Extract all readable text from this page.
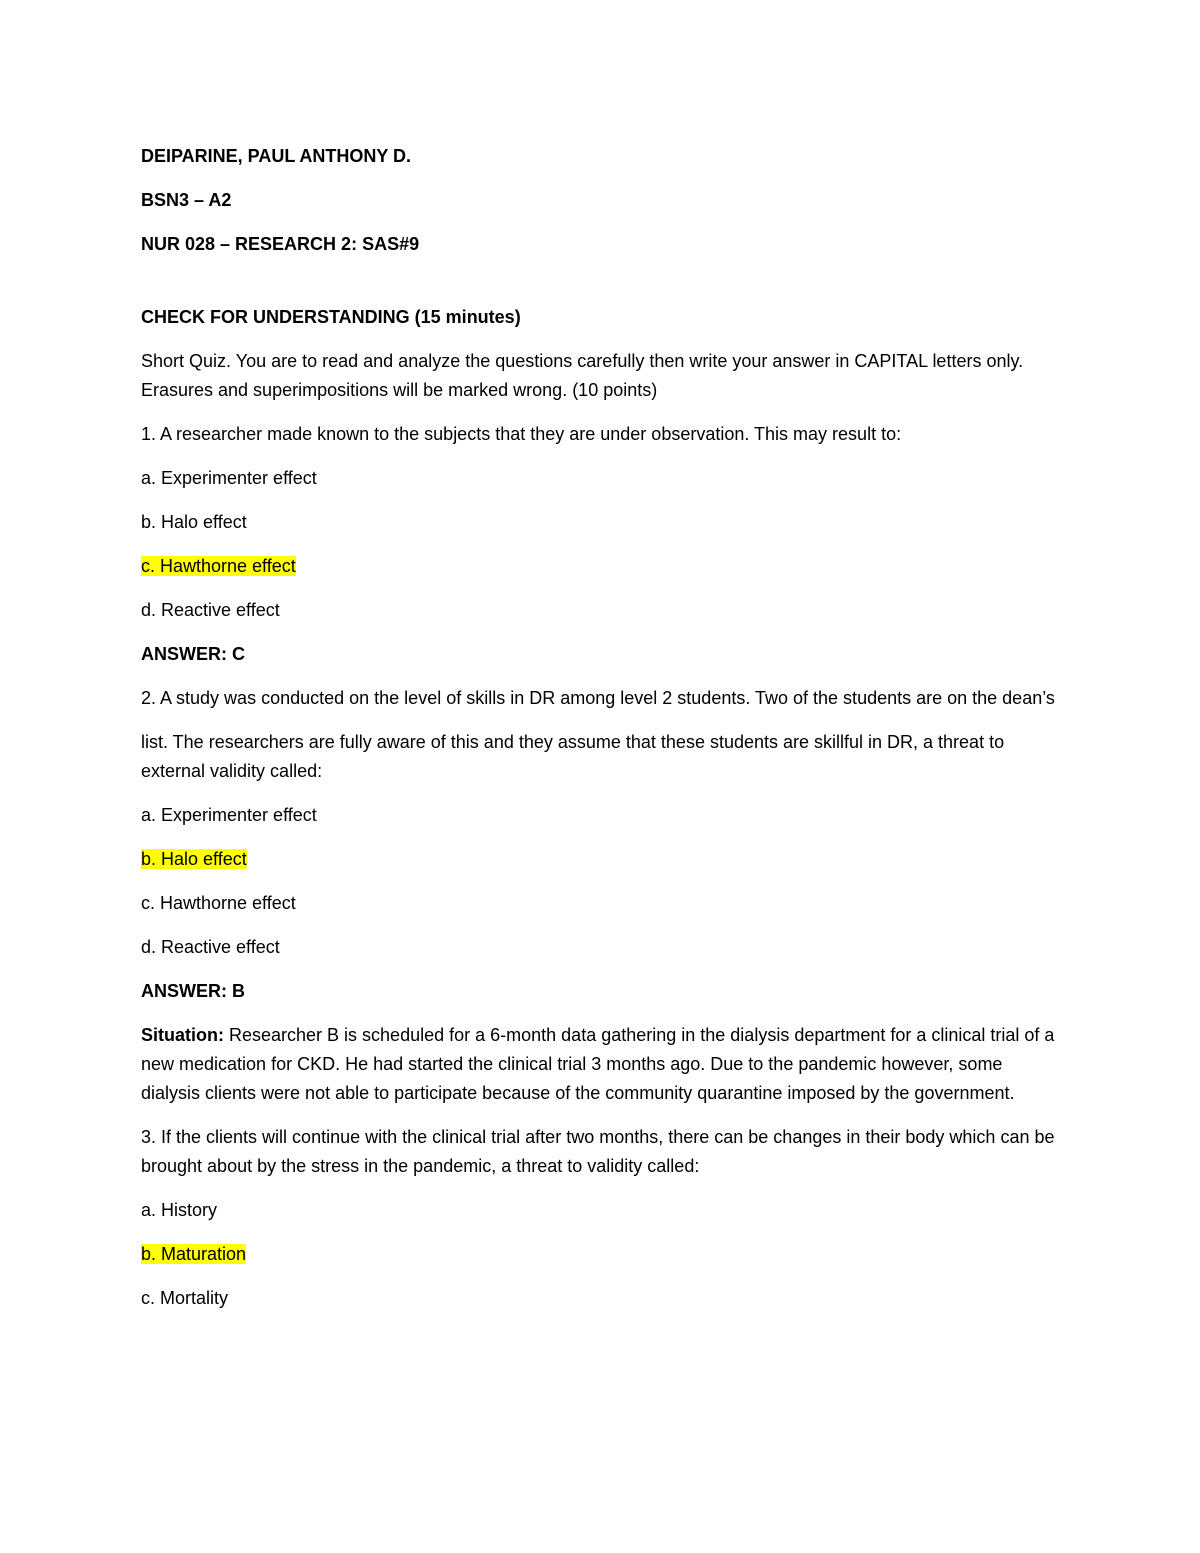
DEIPARINE, PAUL ANTHONY D.

BSN3 – A2

NUR 028 – RESEARCH 2: SAS#9

CHECK FOR UNDERSTANDING (15 minutes)

Short Quiz. You are to read and analyze the questions carefully then write your answer in CAPITAL letters only. Erasures and superimpositions will be marked wrong. (10 points)

1. A researcher made known to the subjects that they are under observation. This may result to:

a. Experimenter effect

b. Halo effect

c. Hawthorne effect

d. Reactive effect

ANSWER: C

2. A study was conducted on the level of skills in DR among level 2 students. Two of the students are on the dean’s

list. The researchers are fully aware of this and they assume that these students are skillful in DR, a threat to external validity called:

a. Experimenter effect

b. Halo effect

c. Hawthorne effect

d. Reactive effect

ANSWER: B

Situation: Researcher B is scheduled for a 6-month data gathering in the dialysis department for a clinical trial of a new medication for CKD. He had started the clinical trial 3 months ago. Due to the pandemic however, some dialysis clients were not able to participate because of the community quarantine imposed by the government.

3. If the clients will continue with the clinical trial after two months, there can be changes in their body which can be brought about by the stress in the pandemic, a threat to validity called:

a. History

b. Maturation

c. Mortality
